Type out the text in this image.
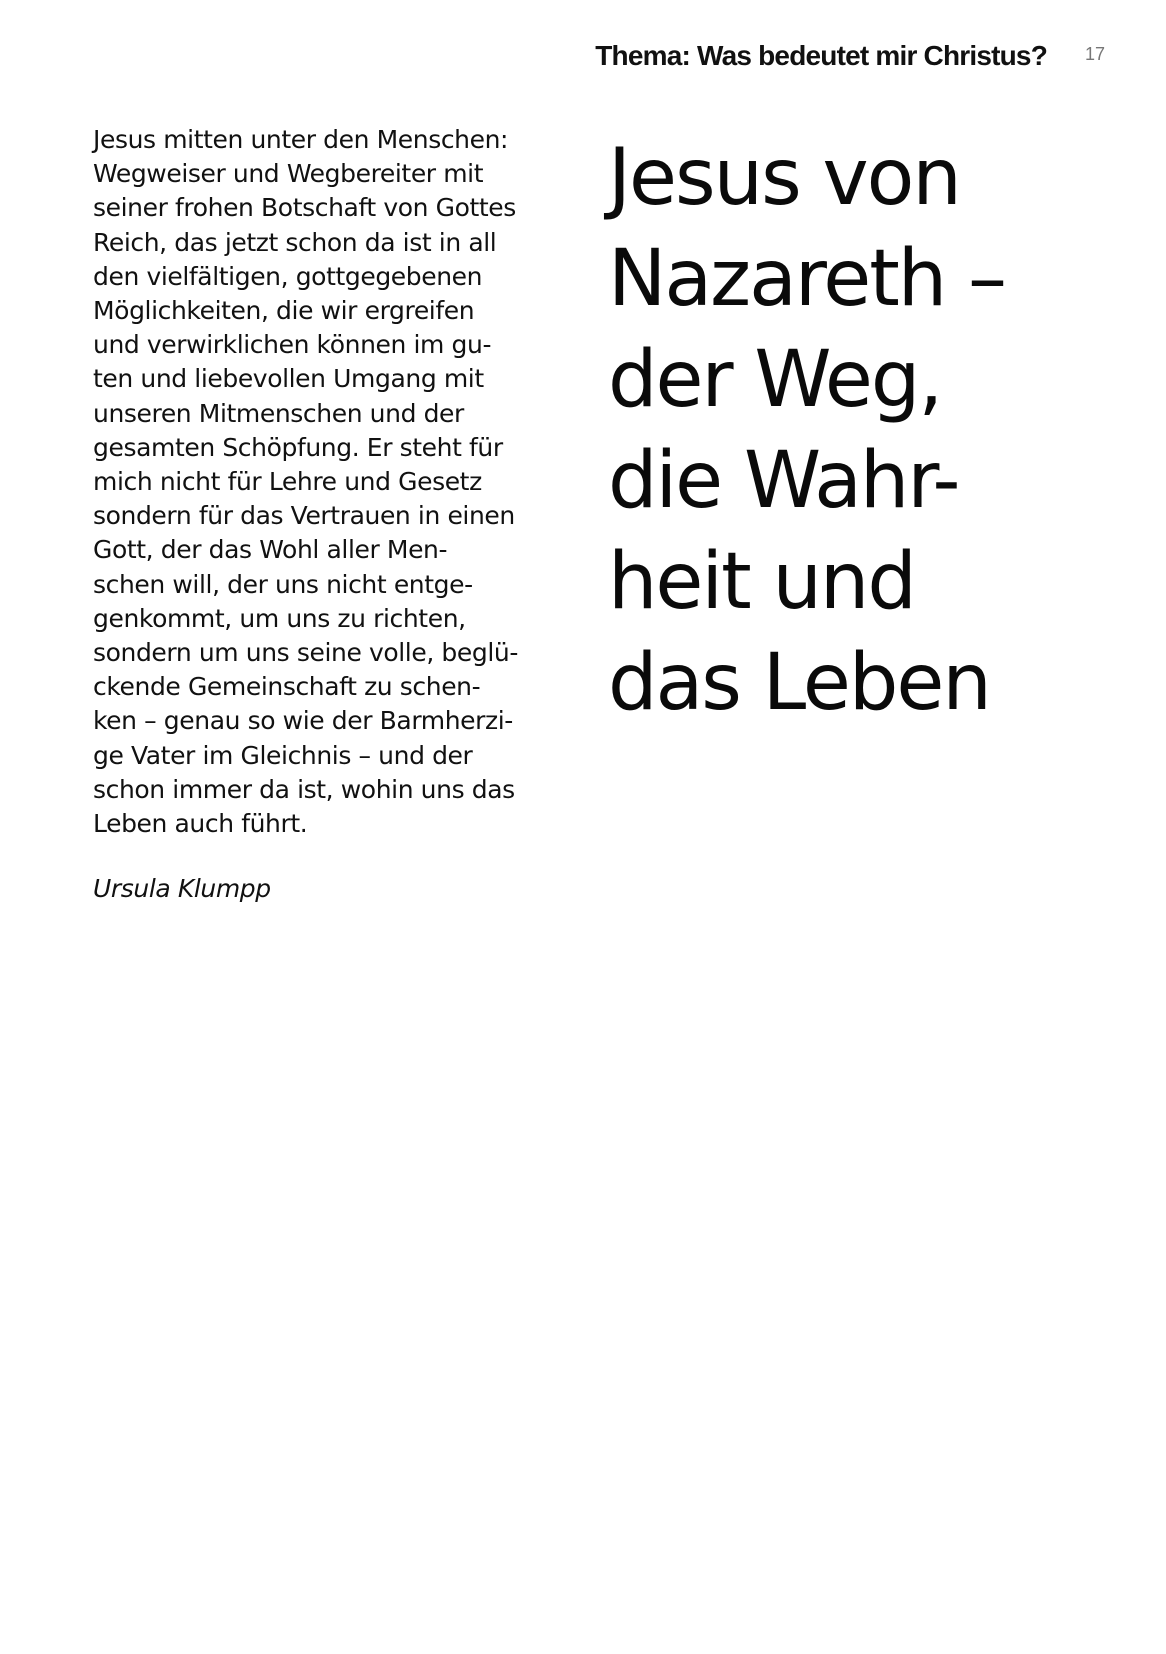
Thema: Was bedeutet mir Christus? 17
Jesus mitten unter den Menschen:
Wegweiser und Wegbereiter mit
seiner frohen Botschaft von Gottes
Reich, das jetzt schon da ist in all
den vielfältigen, gottgegebenen
Möglichkeiten, die wir ergreifen
und verwirklichen können im gu-
ten und liebevollen Umgang mit
unseren Mitmenschen und der
gesamten Schöpfung. Er steht für
mich nicht für Lehre und Gesetz
sondern für das Vertrauen in einen
Gott, der das Wohl aller Men-
schen will, der uns nicht entge-
genkommt, um uns zu richten,
sondern um uns seine volle, beglü-
ckende Gemeinschaft zu schen-
ken – genau so wie der Barmherzi-
ge Vater im Gleichnis – und der
schon immer da ist, wohin uns das
Leben auch führt.
Ursula Klumpp
Jesus von
Nazareth –
der Weg,
die Wahr-
heit und
das Leben
